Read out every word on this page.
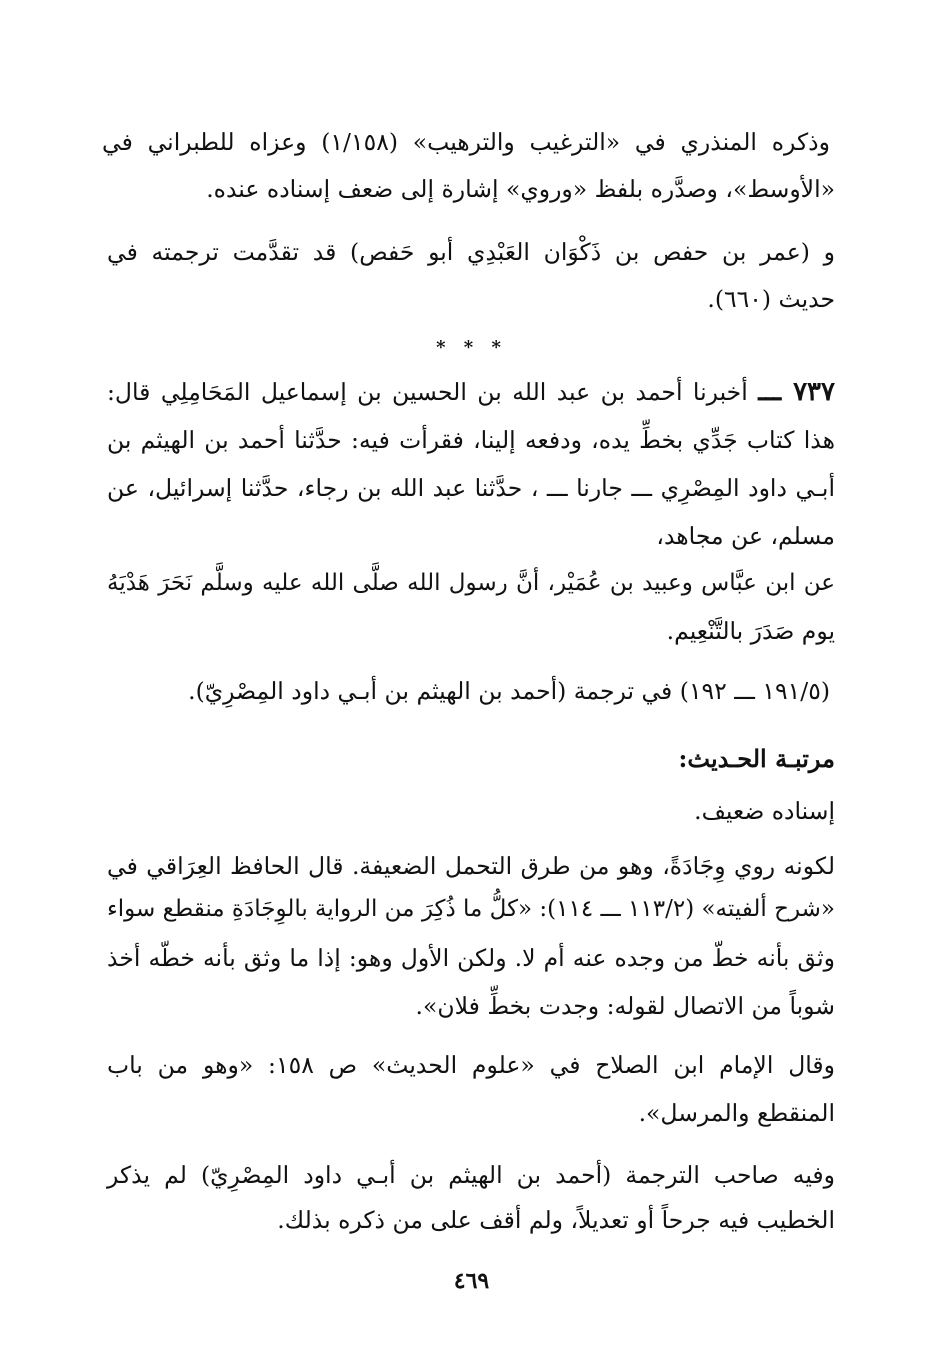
وذكره المنذري في «الترغيب والترهيب» (١/١٥٨) وعزاه للطبراني في
«الأوسط»، وصدَّره بلفظ «وروي» إشارة إلى ضعف إسناده عنده.
و (عمر بن حفص بن ذَكْوَان العَبْدِي أبو حَفص) قد تقدَّمت ترجمته في
حديث (٦٦٠).
* * *
٧٣٧ ـــ أخبرنا أحمد بن عبد الله بن الحسين بن إسماعيل المَحَامِلِي قال:
هذا كتاب جَدِّي بخطِّ يده، ودفعه إلينا، فقرأت فيه: حدَّثنا أحمد بن الهيثم بن
أبـي داود المِصْرِي ـــ جارنا ـــ ، حدَّثنا عبد الله بن رجاء، حدَّثنا إسرائيل، عن
مسلم، عن مجاهد،
عن ابن عبَّاس وعبيد بن عُمَيْر، أنَّ رسول الله صلَّى الله عليه وسلَّم نَحَرَ هَدْيَهُ
يوم صَدَرَ بالتَّنْعِيم.
(١٩١/٥ ـــ ١٩٢) في ترجمة (أحمد بن الهيثم بن أبـي داود المِصْرِيّ).
مرتبـة الحـديث:
إسناده ضعيف.
لكونه روي وِجَادَةً، وهو من طرق التحمل الضعيفة. قال الحافظ العِرَاقي في
«شرح ألفيته» (١١٣/٢ ـــ ١١٤): «كلُّ ما ذُكِرَ من الرواية بالوِجَادَةِ منقطع سواء
وثق بأنه خطّ من وجده عنه أم لا. ولكن الأول وهو: إذا ما وثق بأنه خطّه أخذ
شوباً من الاتصال لقوله: وجدت بخطِّ فلان».
وقال الإمام ابن الصلاح في «علوم الحديث» ص ١٥٨: «وهو من باب
المنقطع والمرسل».
وفيه صاحب الترجمة (أحمد بن الهيثم بن أبـي داود المِصْرِيّ) لم يذكر
الخطيب فيه جرحاً أو تعديلاً، ولم أقف على من ذكره بذلك.
٤٦٩
